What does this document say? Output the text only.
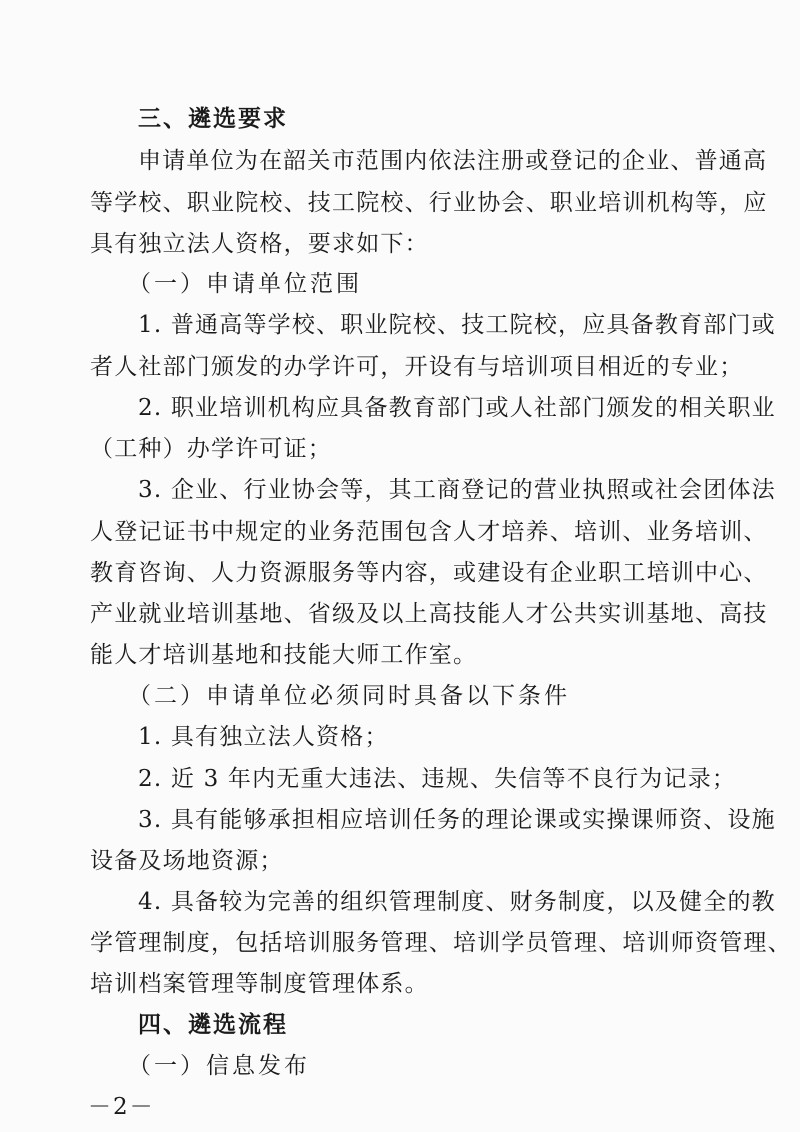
三、遴选要求
申请单位为在韶关市范围内依法注册或登记的企业、普通高
等学校、职业院校、技工院校、行业协会、职业培训机构等，应
具有独立法人资格，要求如下：
（一）申请单位范围
1. 普通高等学校、职业院校、技工院校，应具备教育部门或
者人社部门颁发的办学许可，开设有与培训项目相近的专业；
2. 职业培训机构应具备教育部门或人社部门颁发的相关职业
（工种）办学许可证；
3. 企业、行业协会等，其工商登记的营业执照或社会团体法
人登记证书中规定的业务范围包含人才培养、培训、业务培训、
教育咨询、人力资源服务等内容，或建设有企业职工培训中心、
产业就业培训基地、省级及以上高技能人才公共实训基地、高技
能人才培训基地和技能大师工作室。
（二）申请单位必须同时具备以下条件
1. 具有独立法人资格；
2. 近 3 年内无重大违法、违规、失信等不良行为记录；
3. 具有能够承担相应培训任务的理论课或实操课师资、设施
设备及场地资源；
4. 具备较为完善的组织管理制度、财务制度，以及健全的教
学管理制度，包括培训服务管理、培训学员管理、培训师资管理、
培训档案管理等制度管理体系。
四、遴选流程
（一）信息发布
－2－
